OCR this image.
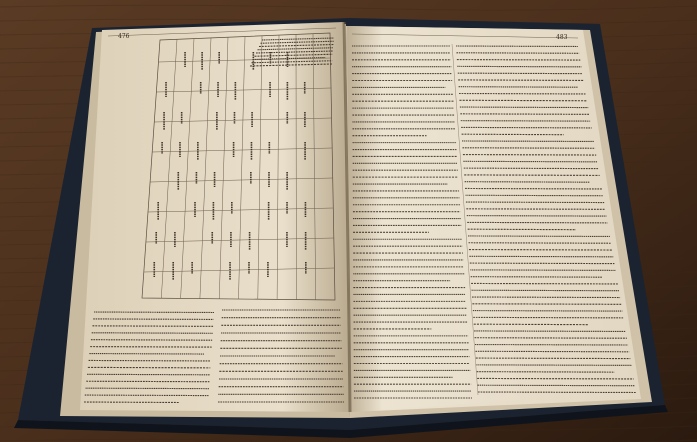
476	483
